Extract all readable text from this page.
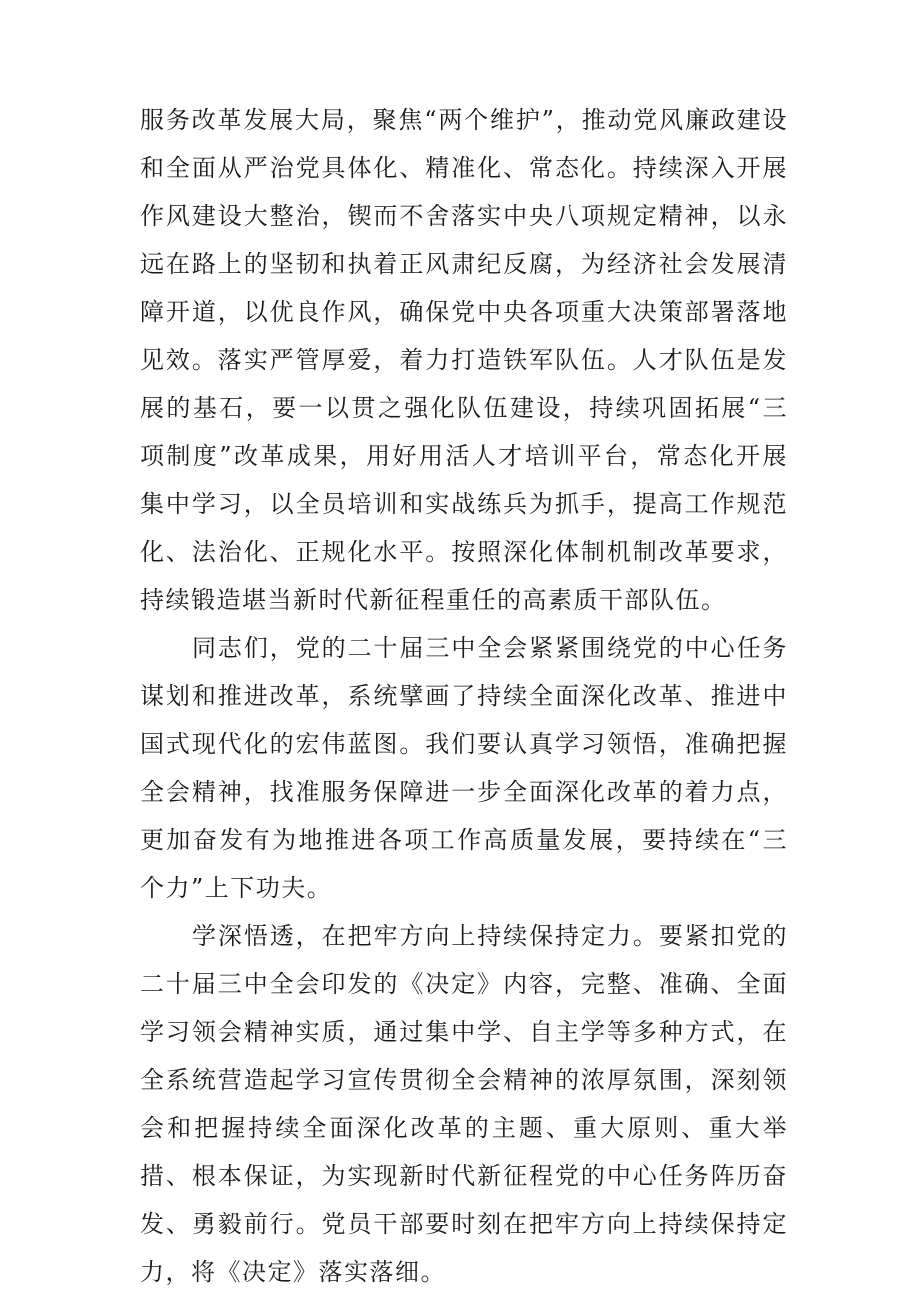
服务改革发展大局，聚焦“两个维护”，推动党风廉政建设和全面从严治党具体化、精准化、常态化。持续深入开展作风建设大整治，锲而不舍落实中央八项规定精神，以永远在路上的坚韧和执着正风肃纪反腐，为经济社会发展清障开道，以优良作风，确保党中央各项重大决策部署落地见效。落实严管厚爱，着力打造铁军队伍。人才队伍是发展的基石，要一以贯之强化队伍建设，持续巩固拓展“三项制度”改革成果，用好用活人才培训平台，常态化开展集中学习，以全员培训和实战练兵为抓手，提高工作规范化、法治化、正规化水平。按照深化体制机制改革要求，持续锻造堪当新时代新征程重任的高素质干部队伍。

同志们，党的二十届三中全会紧紧围绕党的中心任务谋划和推进改革，系统擘画了持续全面深化改革、推进中国式现代化的宏伟蓝图。我们要认真学习领悟，准确把握全会精神，找准服务保障进一步全面深化改革的着力点，更加奋发有为地推进各项工作高质量发展，要持续在“三个力”上下功夫。

学深悟透，在把牢方向上持续保持定力。要紧扣党的二十届三中全会印发的《决定》内容，完整、准确、全面学习领会精神实质，通过集中学、自主学等多种方式，在全系统营造起学习宣传贯彻全会精神的浓厚氛围，深刻领会和把握持续全面深化改革的主题、重大原则、重大举措、根本保证，为实现新时代新征程党的中心任务阵历奋发、勇毅前行。党员干部要时刻在把牢方向上持续保持定力，将《决定》落实落细。
